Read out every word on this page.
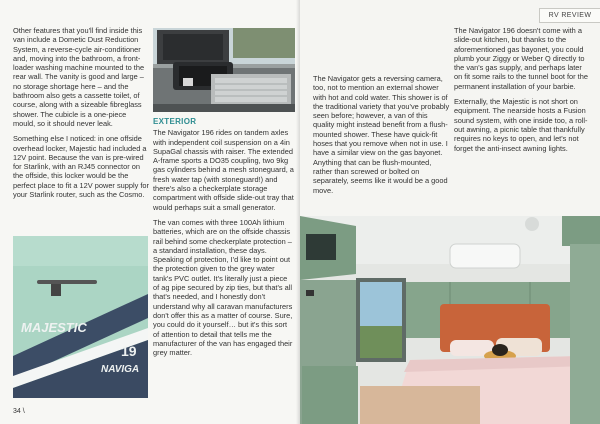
Other features that you'll find inside this van include a Dometic Dust Reduction System, a reverse-cycle air-conditioner and, moving into the bathroom, a front-loader washing machine mounted to the rear wall. The vanity is good and large – no storage shortage here – and the bathroom also gets a cassette toilet, of course, along with a sizeable fibreglass shower. The cubicle is a one-piece mould, so it should never leak.

Something else I noticed: in one offside overhead locker, Majestic had included a 12V point. Because the van is pre-wired for Starlink, with an RJ45 connector on the offside, this locker would be the perfect place to fit a 12V power supply for your Starlink router, such as the Cosmo.

EXTERIOR

The Navigator 196 rides on tandem axles with independent coil suspension on a 4in SupaGal chassis with raiser. The extended A-frame sports a DO35 coupling, two 9kg gas cylinders behind a mesh stoneguard, a fresh water tap (with stoneguard!) and there's also a checkerplate storage compartment with offside slide-out tray that would perhaps suit a small generator.

The van comes with three 100Ah lithium batteries, which are on the offside chassis rail behind some checkerplate protection – a standard installation, these days. Speaking of protection, I'd like to point out the protection given to the grey water tank's PVC outlet. It's literally just a piece of ag pipe secured by zip ties, but that's all that's needed, and I honestly don't understand why all caravan manufacturers don't offer this as a matter of course. Sure, you could do it yourself… but it's this sort of attention to detail that tells me the manufacturer of the van has engaged their grey matter.

MAJESTIC
19
NAVIGA
34 \
RV REVIEW

The Navigator gets a reversing camera, too, not to mention an external shower with hot and cold water. This shower is of the traditional variety that you've probably seen before; however, a van of this quality might instead benefit from a flush-mounted shower. These have quick-fit hoses that you remove when not in use. I have a similar view on the gas bayonet. Anything that can be flush-mounted, rather than screwed or bolted on separately, seems like it would be a good move.

The Navigator 196 doesn't come with a slide-out kitchen, but thanks to the aforementioned gas bayonet, you could plumb your Ziggy or Weber Q directly to the van's gas supply, and perhaps later on fit some rails to the tunnel boot for the permanent installation of your barbie.

Externally, the Majestic is not short on equipment. The nearside hosts a Fusion sound system, with one inside too, a roll-out awning, a picnic table that thankfully requires no keys to open, and let's not forget the anti-insect awning lights.
